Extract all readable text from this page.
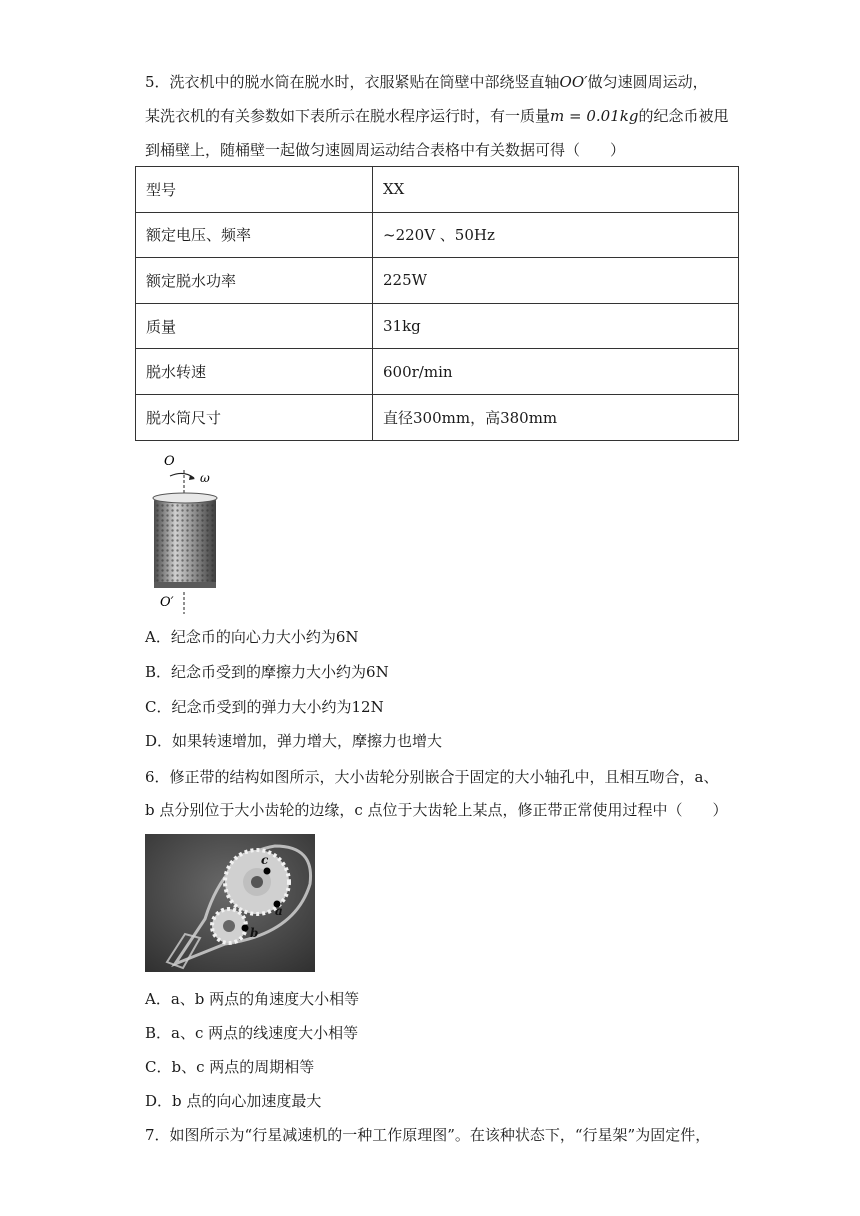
5．洗衣机中的脱水筒在脱水时，衣服紧贴在筒壁中部绕竖直轴OO′做匀速圆周运动，
某洗衣机的有关参数如下表所示在脱水程序运行时，有一质量m = 0.01kg的纪念币被甩
到桶壁上，随桶壁一起做匀速圆周运动结合表格中有关数据可得（　　）
型号	XX
额定电压、频率	~220V 、50Hz
额定脱水功率	225W
质量	31kg
脱水转速	600r/min
脱水筒尺寸	直径300mm，高380mm
O
ω
O′
A．纪念币的向心力大小约为6N
B．纪念币受到的摩擦力大小约为6N
C．纪念币受到的弹力大小约为12N
D．如果转速增加，弹力增大，摩擦力也增大
6．修正带的结构如图所示，大小齿轮分别嵌合于固定的大小轴孔中，且相互吻合，a、
b 点分别位于大小齿轮的边缘，c 点位于大齿轮上某点，修正带正常使用过程中（　　）
c
a
b
A．a、b 两点的角速度大小相等
B．a、c 两点的线速度大小相等
C．b、c 两点的周期相等
D．b 点的向心加速度最大
7．如图所示为“行星减速机的一种工作原理图”。在该种状态下，“行星架”为固定件，
